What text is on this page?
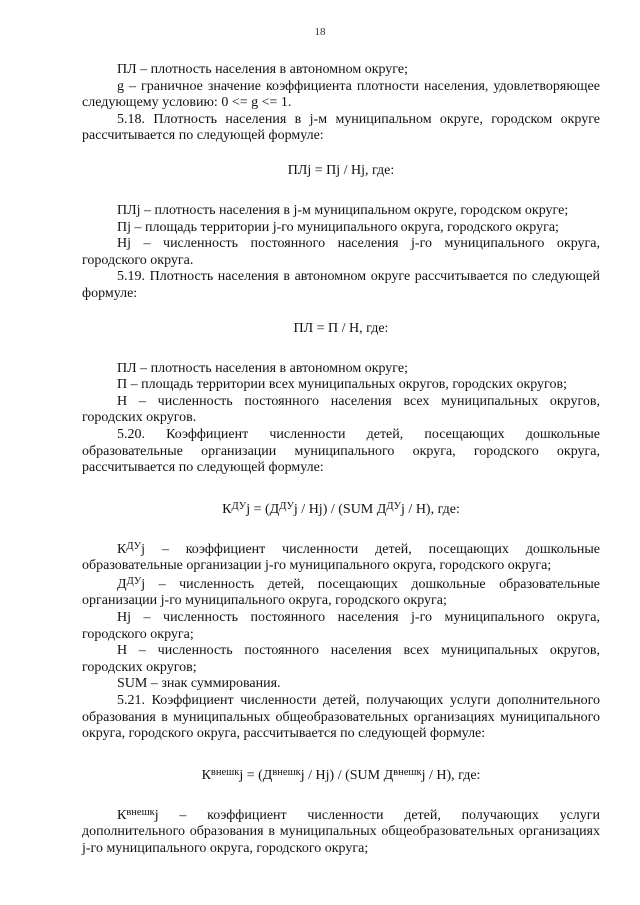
18

ПЛ – плотность населения в автономном округе;

g – граничное значение коэффициента плотности населения, удовлетворяющее следующему условию: 0 <= g <= 1.

5.18. Плотность населения в j-м муниципальном округе, городском округе рассчитывается по следующей формуле:

ПЛj = Пj / Hj, где:

ПЛj – плотность населения в j-м муниципальном округе, городском округе;

Пj – площадь территории j-го муниципального округа, городского округа;

Hj – численность постоянного населения j-го муниципального округа, городского округа.

5.19. Плотность населения в автономном округе рассчитывается по следующей формуле:

ПЛ = П / Н, где:

ПЛ – плотность населения в автономном округе;

П – площадь территории всех муниципальных округов, городских округов;

Н – численность постоянного населения всех муниципальных округов, городских округов.

5.20. Коэффициент численности детей, посещающих дошкольные образовательные организации муниципального округа, городского округа, рассчитывается по следующей формуле:

$К^{ДУ}j = (Д^{ДУ}j / Hj) / (SUM$ $Д^{ДУ}j / Н$), где:

$К^{ДУ}j$ – коэффициент численности детей, посещающих дошкольные образовательные организации j-го муниципального округа, городского округа;

$Д^{ДУ}j$ – численность детей, посещающих дошкольные образовательные организации j-го муниципального округа, городского округа;

Hj – численность постоянного населения j-го муниципального округа, городского округа;

Н – численность постоянного населения всех муниципальных округов, городских округов;

SUM – знак суммирования.

5.21. Коэффициент численности детей, получающих услуги дополнительного образования в муниципальных общеобразовательных организациях муниципального округа, городского округа, рассчитывается по следующей формуле:

$К^{внешк}j = (Д^{внешк}j / Hj) / (SUM$ $Д^{внешк}j / Н$), где:

$К^{внешк}j$ – коэффициент численности детей, получающих услуги дополнительного образования в муниципальных общеобразовательных организациях j-го муниципального округа, городского округа;
